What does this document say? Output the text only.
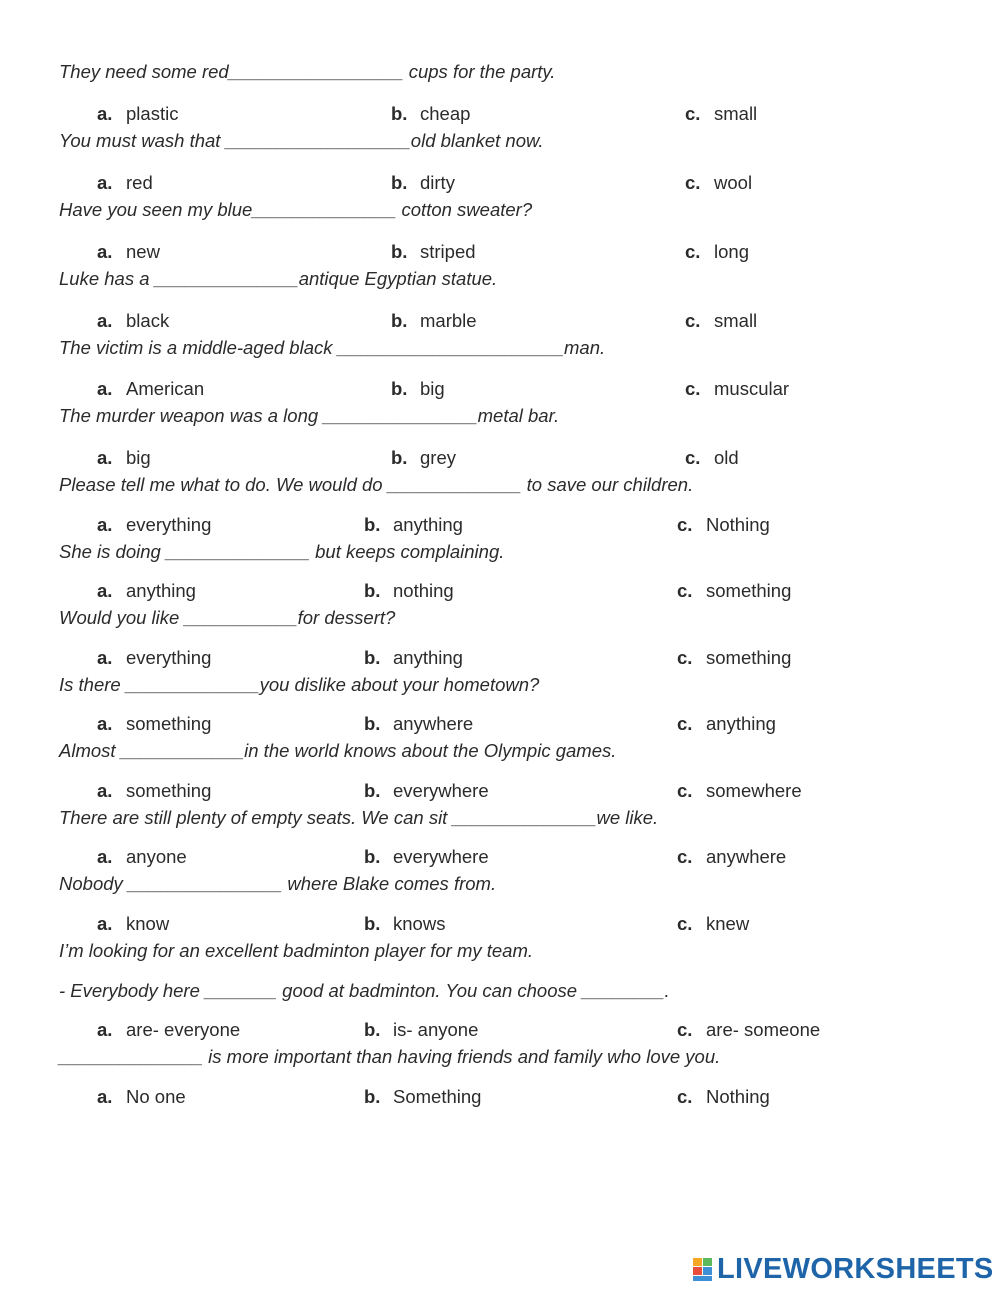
They need some red_________________ cups for the party.
a. plastic	b. cheap	c. small
You must wash that __________________old blanket now.
a. red	b. dirty	c. wool
Have you seen my blue______________ cotton sweater?
a. new	b. striped	c. long
Luke has a ______________antique Egyptian statue.
a. black	b. marble	c. small
The victim is a middle-aged black ______________________man.
a. American	b. big	c. muscular
The murder weapon was a long _______________metal bar.
a. big	b. grey	c. old
Please tell me what to do. We would do _____________ to save our children.
a. everything	b. anything	c. Nothing
She is doing ______________ but keeps complaining.
a. anything	b. nothing	c. something
Would you like ___________for dessert?
a. everything	b. anything	c. something
Is there _____________you dislike about your hometown?
a. something	b. anywhere	c. anything
Almost ____________in the world knows about the Olympic games.
a. something	b. everywhere	c. somewhere
There are still plenty of empty seats. We can sit ______________we like.
a. anyone	b. everywhere	c. anywhere
Nobody _______________ where Blake comes from.
a. know	b. knows	c. knew
I’m looking for an excellent badminton player for my team.
- Everybody here _______ good at badminton. You can choose ________.
a. are- everyone	b. is- anyone	c. are- someone
______________ is more important than having friends and family who love you.
a. No one	b. Something	c. Nothing
LIVEWORKSHEETS
